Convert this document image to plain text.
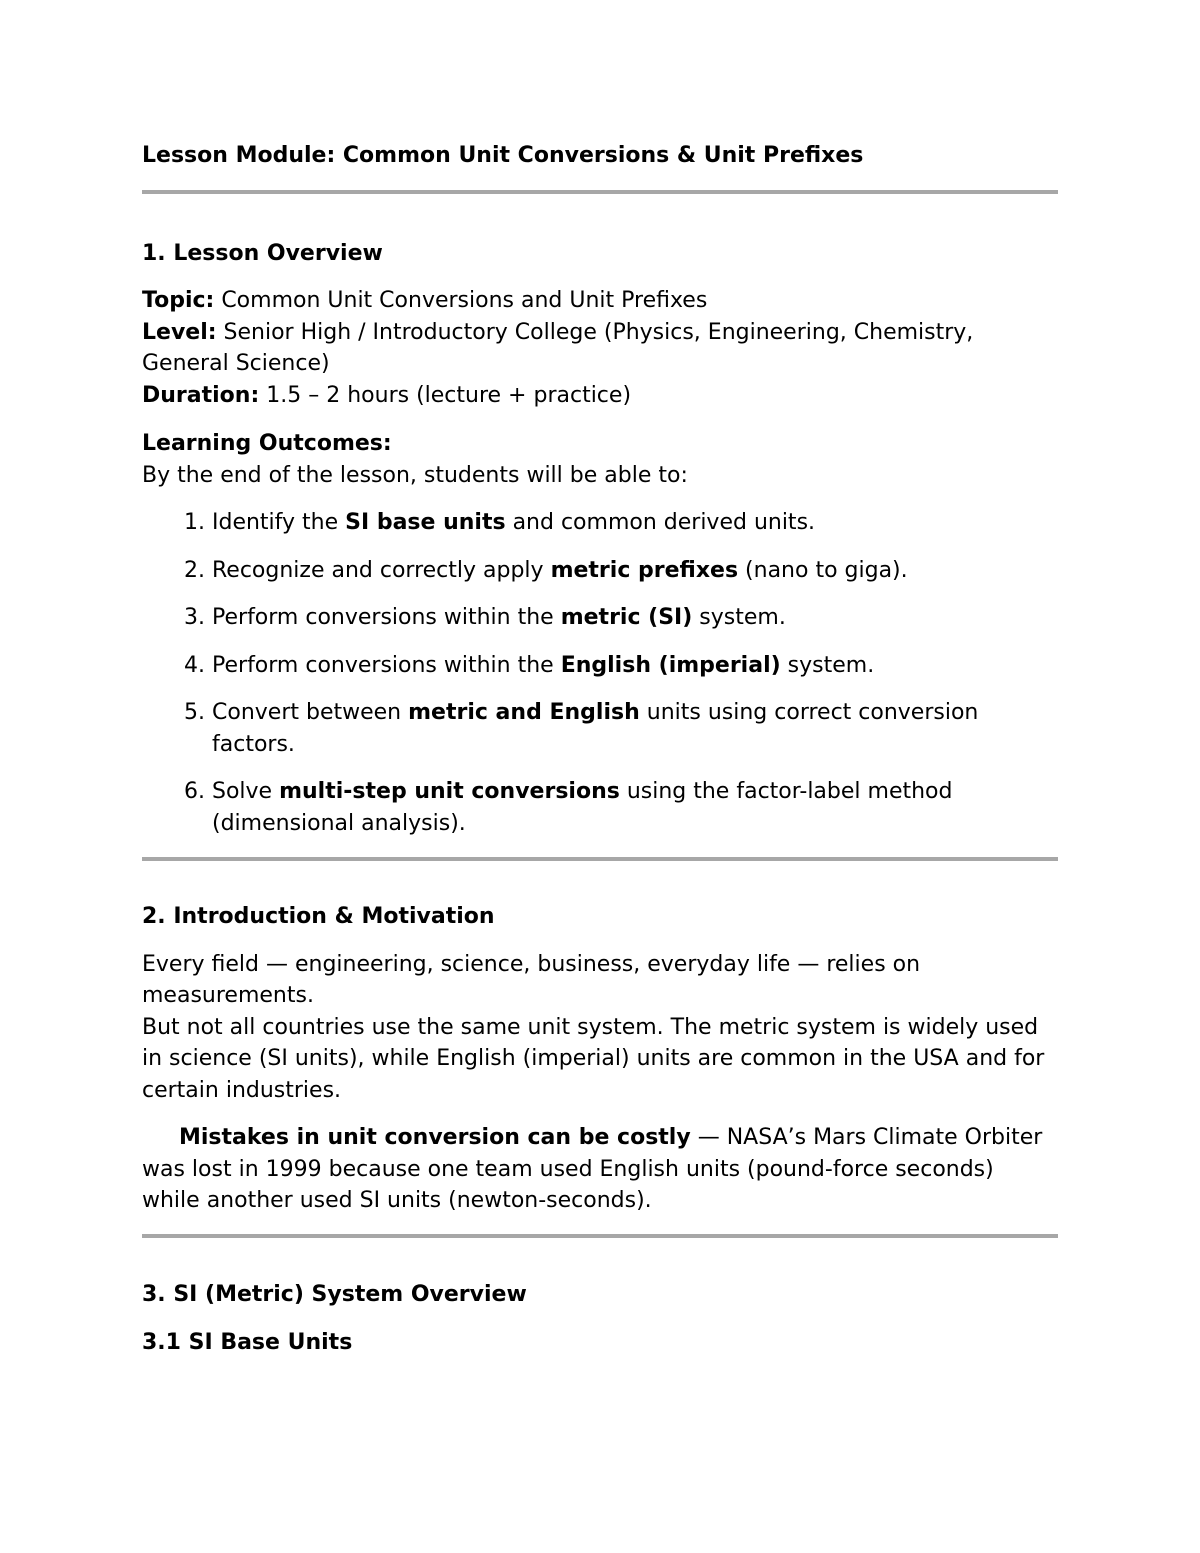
Lesson Module: Common Unit Conversions & Unit Prefixes

1. Lesson Overview

Topic: Common Unit Conversions and Unit Prefixes

Level: Senior High / Introductory College (Physics, Engineering, Chemistry, General Science)

Duration: 1.5 – 2 hours (lecture + practice)

Learning Outcomes:

By the end of the lesson, students will be able to:

1. Identify the SI base units and common derived units.
2. Recognize and correctly apply metric prefixes (nano to giga).
3. Perform conversions within the metric (SI) system.
4. Perform conversions within the English (imperial) system.
5. Convert between metric and English units using correct conversion factors.
6. Solve multi-step unit conversions using the factor-label method (dimensional analysis).
2. Introduction & Motivation

Every field — engineering, science, business, everyday life — relies on measurements.

But not all countries use the same unit system. The metric system is widely used in science (SI units), while English (imperial) units are common in the USA and for certain industries.

Mistakes in unit conversion can be costly — NASA’s Mars Climate Orbiter was lost in 1999 because one team used English units (pound-force seconds) while another used SI units (newton-seconds).

3. SI (Metric) System Overview
3.1 SI Base Units
